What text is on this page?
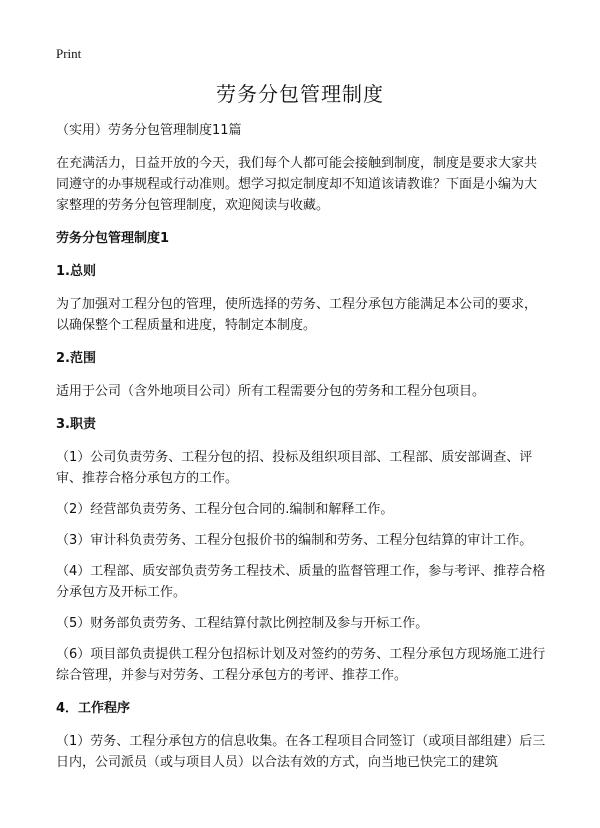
Print
劳务分包管理制度

（实用）劳务分包管理制度11篇

在充满活力，日益开放的今天，我们每个人都可能会接触到制度，制度是要求大家共同遵守的办事规程或行动准则。想学习拟定制度却不知道该请教谁？下面是小编为大家整理的劳务分包管理制度，欢迎阅读与收藏。

劳务分包管理制度1

1.总则

为了加强对工程分包的管理，使所选择的劳务、工程分承包方能满足本公司的要求，以确保整个工程质量和进度，特制定本制度。

2.范围

适用于公司（含外地项目公司）所有工程需要分包的劳务和工程分包项目。

3.职责

（1）公司负责劳务、工程分包的招、投标及组织项目部、工程部、质安部调查、评审、推荐合格分承包方的工作。

（2）经营部负责劳务、工程分包合同的.编制和解释工作。

（3）审计科负责劳务、工程分包报价书的编制和劳务、工程分包结算的审计工作。

（4）工程部、质安部负责劳务工程技术、质量的监督管理工作，参与考评、推荐合格分承包方及开标工作。

（5）财务部负责劳务、工程结算付款比例控制及参与开标工作。

（6）项目部负责提供工程分包招标计划及对签约的劳务、工程分承包方现场施工进行综合管理，并参与对劳务、工程分承包方的考评、推荐工作。

4．工作程序

（1）劳务、工程分承包方的信息收集。在各工程项目合同签订（或项目部组建）后三日内，公司派员（或与项目人员）以合法有效的方式，向当地已快完工的建筑
